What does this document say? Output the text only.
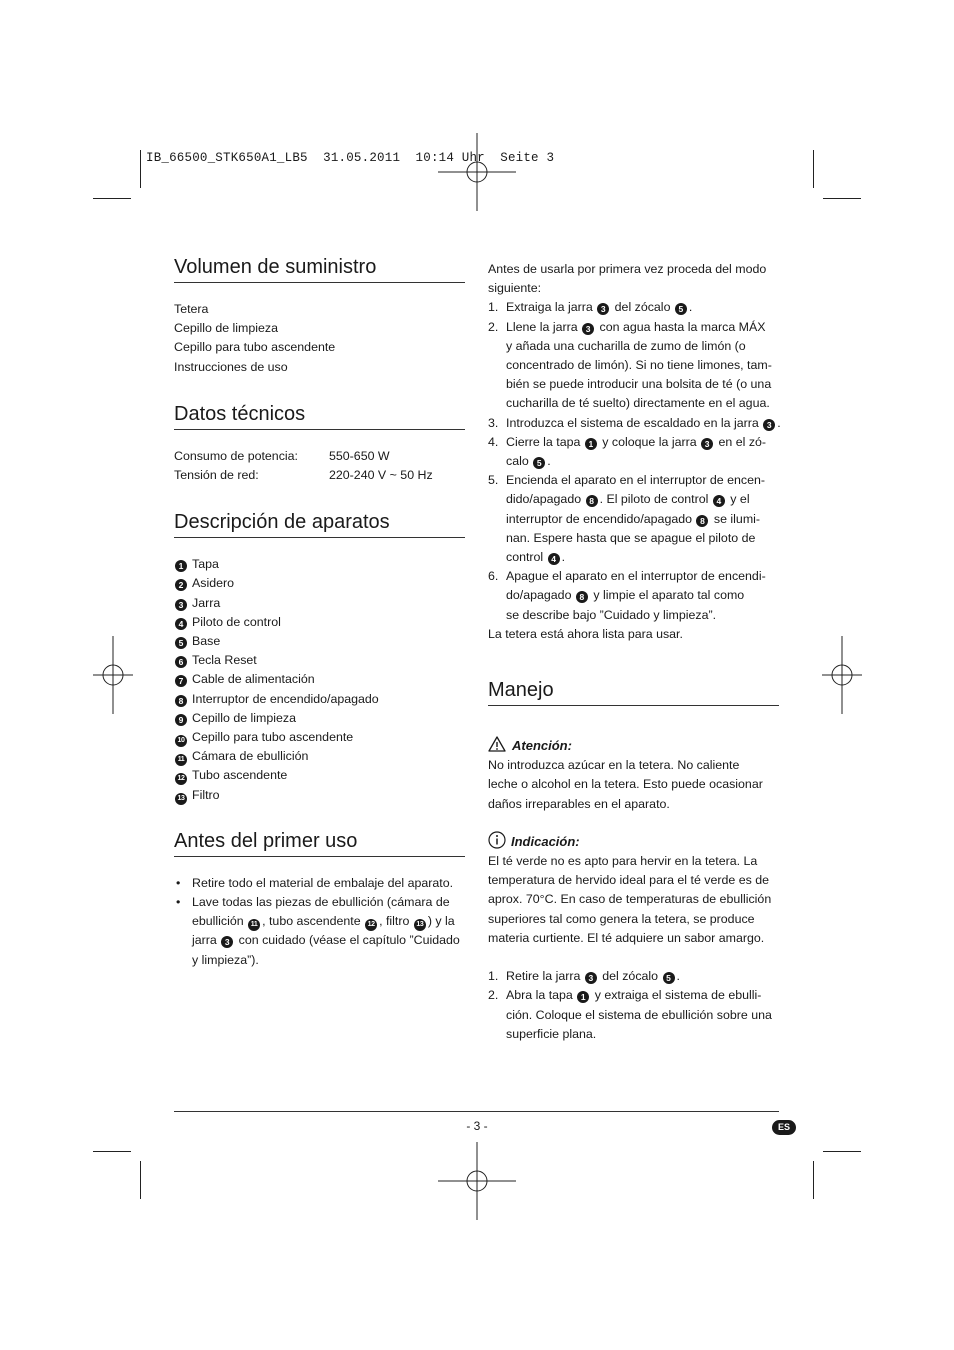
IB_66500_STK650A1_LB5  31.05.2011  10:14 Uhr  Seite 3
Volumen de suministro
Tetera
Cepillo de limpieza
Cepillo para tubo ascendente
Instrucciones de uso
Datos técnicos
Consumo de potencia:	550-650 W
Tensión de red:	220-240 V ~ 50 Hz
Descripción de aparatos
1 Tapa
2 Asidero
3 Jarra
4 Piloto de control
5 Base
6 Tecla Reset
7 Cable de alimentación
8 Interruptor de encendido/apagado
9 Cepillo de limpieza
10 Cepillo para tubo ascendente
11 Cámara de ebullición
12 Tubo ascendente
13 Filtro
Antes del primer uso
• Retire todo el material de embalaje del aparato.
• Lave todas las piezas de ebullición (cámara de
ebullición 11 , tubo ascendente 12 , filtro 13 ) y la
jarra 3 con cuidado (véase el capítulo ”Cuidado
y limpieza”).
Antes de usarla por primera vez proceda del modo
siguiente:
1. Extraiga la jarra 3 del zócalo 5 .
2. Llene la jarra 3 con agua hasta la marca MÁX
y añada una cucharilla de zumo de limón (o
concentrado de limón). Si no tiene limones, tam-
bién se puede introducir una bolsita de té (o una
cucharilla de té suelto) directamente en el agua.
3. Introduzca el sistema de escaldado en la jarra 3 .
4. Cierre la tapa 1 y coloque la jarra 3 en el zó-
calo 5 .
5. Encienda el aparato en el interruptor de encen-
dido/apagado 8 . El piloto de control 4 y el
interruptor de encendido/apagado 8 se ilumi-
nan. Espere hasta que se apague el piloto de
control 4 .
6. Apague el aparato en el interruptor de encendi-
do/apagado 8 y limpie el aparato tal como
se describe bajo ”Cuidado y limpieza”.
La tetera está ahora lista para usar.
Manejo
Atención:
No introduzca azúcar en la tetera. No caliente
leche o alcohol en la tetera. Esto puede ocasionar
daños irreparables en el aparato.
Indicación:
El té verde no es apto para hervir en la tetera. La
temperatura de hervido ideal para el té verde es de
aprox. 70°C. En caso de temperaturas de ebullición
superiores tal como genera la tetera, se produce
materia curtiente. El té adquiere un sabor amargo.
1. Retire la jarra 3 del zócalo 5 .
2. Abra la tapa 1 y extraiga el sistema de ebulli-
ción. Coloque el sistema de ebullición sobre una
superficie plana.
- 3 -	ES
